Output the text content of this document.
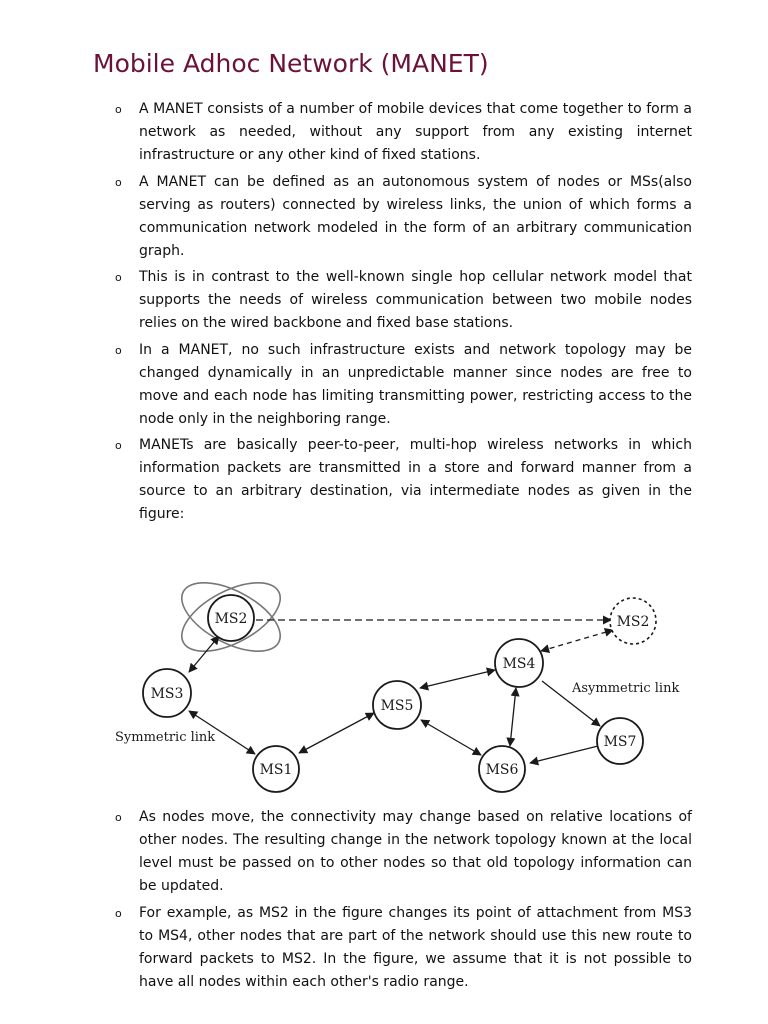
Mobile Adhoc Network (MANET)
o A MANET consists of a number of mobile devices that come together to form a network as needed, without any support from any existing internet infrastructure or any other kind of fixed stations.
o A MANET can be defined as an autonomous system of nodes or MSs(also serving as routers) connected by wireless links, the union of which forms a communication network modeled in the form of an arbitrary communication graph.
o This is in contrast to the well-known single hop cellular network model that supports the needs of wireless communication between two mobile nodes relies on the wired backbone and fixed base stations.
o In a MANET, no such infrastructure exists and network topology may be changed dynamically in an unpredictable manner since nodes are free to move and each node has limiting transmitting power, restricting access to the node only in the neighboring range.
o MANETs are basically peer-to-peer, multi-hop wireless networks in which information packets are transmitted in a store and forward manner from a source to an arbitrary destination, via intermediate nodes as given in the figure:
MS2	MS2
MS3
MS1
MS5
MS4
MS6
MS7
Symmetric link
Asymmetric link
o As nodes move, the connectivity may change based on relative locations of other nodes. The resulting change in the network topology known at the local level must be passed on to other nodes so that old topology information can be updated.
o For example, as MS2 in the figure changes its point of attachment from MS3 to MS4, other nodes that are part of the network should use this new route to forward packets to MS2. In the figure, we assume that it is not possible to have all nodes within each other's radio range.
